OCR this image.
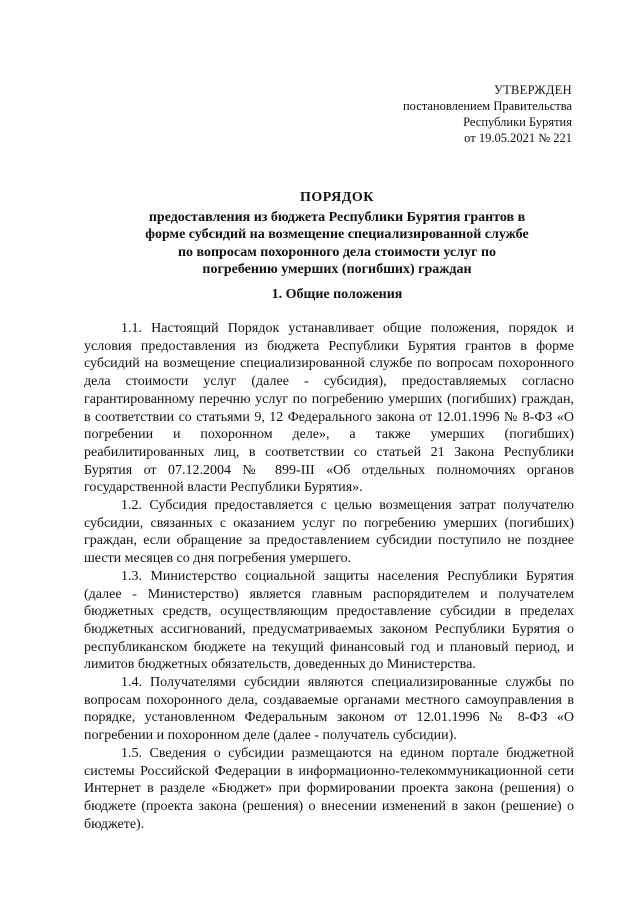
УТВЕРЖДЕН
постановлением Правительства
Республики Бурятия
от 19.05.2021 № 221
ПОРЯДОК
предоставления из бюджета Республики Бурятия грантов в
форме субсидий на возмещение специализированной службе
по вопросам похоронного дела стоимости услуг по
погребению умерших (погибших) граждан
1. Общие положения

1.1. Настоящий Порядок устанавливает общие положения, порядок и условия предоставления из бюджета Республики Бурятия грантов в форме субсидий на возмещение специализированной службе по вопросам похоронного дела стоимости услуг (далее - субсидия), предоставляемых согласно гарантированному перечню услуг по погребению умерших (погибших) граждан, в соответствии со статьями 9, 12 Федерального закона от 12.01.1996 № 8-ФЗ «О погребении и похоронном деле», а также умерших (погибших) реабилитированных лиц, в соответствии со статьей 21 Закона Республики Бурятия от 07.12.2004 № 899-III «Об отдельных полномочиях органов государственной власти Республики Бурятия».

1.2. Субсидия предоставляется с целью возмещения затрат получателю субсидии, связанных с оказанием услуг по погребению умерших (погибших) граждан, если обращение за предоставлением субсидии поступило не позднее шести месяцев со дня погребения умершего.

1.3. Министерство социальной защиты населения Республики Бурятия (далее - Министерство) является главным распорядителем и получателем бюджетных средств, осуществляющим предоставление субсидии в пределах бюджетных ассигнований, предусматриваемых законом Республики Бурятия о республиканском бюджете на текущий финансовый год и плановый период, и лимитов бюджетных обязательств, доведенных до Министерства.

1.4. Получателями субсидии являются специализированные службы по вопросам похоронного дела, создаваемые органами местного самоуправления в порядке, установленном Федеральным законом от 12.01.1996 № 8-ФЗ «О погребении и похоронном деле (далее - получатель субсидии).

1.5. Сведения о субсидии размещаются на едином портале бюджетной системы Российской Федерации в информационно-телекоммуникационной сети Интернет в разделе «Бюджет» при формировании проекта закона (решения) о бюджете (проекта закона (решения) о внесении изменений в закон (решение) о бюджете).
